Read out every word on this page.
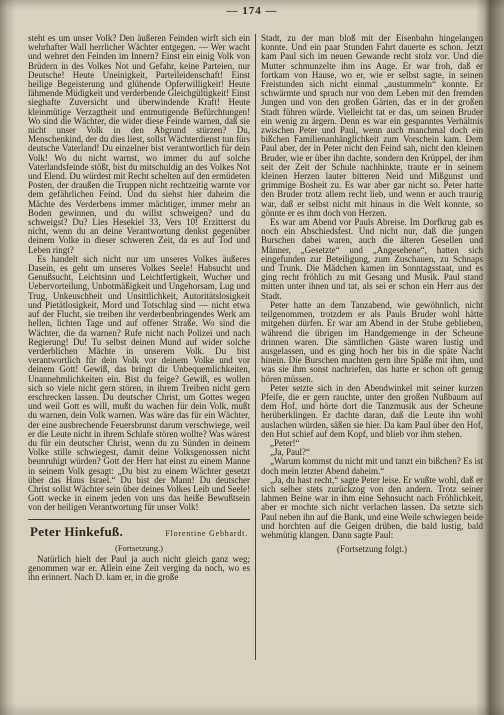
— 174 —

steht es um unser Volk? Den äußeren Feinden wirft sich ein wehrhafter Wall herrlicher Wächter entgegen. — Wer wacht und wehret den Feinden im Innern? Einst ein einig Volk von Brüdern in des Volkes Not und Gefahr, keine Parteien, nur Deutsche! Heute Uneinigkeit, Parteileidenschaft! Einst heilige Begeisterung und glühende Opferwilligkeit! Heute lähmende Müdigkeit und verderbende Gleichgültigkeit! Einst sieghafte Zuversicht und überwindende Kraft! Heute kleinmütige Verzagtheit und entmutigende Befürchtungen! Wo sind die Wächter, die wider diese Feinde warnen, daß sie nicht unser Volk in den Abgrund stürzen? Du, Menschenkind, der du dies liest, sollst Wächterdienst tun fürs deutsche Vaterland! Du einzelner bist verantwortlich für dein Volk! Wo du nicht warnst, wo immer du auf solche Vaterlandsfeinde stößt, bist du mitschuldig an des Volkes Not und Elend. Du würdest mit Recht schelten auf den ermüdeten Posten, der draußen die Truppen nicht rechtzeitig warnte vor dem gefährlichen Feind. Und du siehst hier daheim die Mächte des Verderbens immer mächtiger, immer mehr an Boden gewinnen, und du willst schweigen? und du schweigst? Du? Lies Hesekiel 33, Vers 10! Erzitterst du nicht, wenn du an deine Verantwortung denkst gegenüber deinem Volke in dieser schweren Zeit, da es auf Tod und Leben ringt?

Es handelt sich nicht nur um unseres Volkes äußeres Dasein, es geht um unseres Volkes Seele! Habsucht und Genußsucht, Leichtsinn und Leichtfertigkeit, Wucher und Uebervorteilung, Unbotmäßigkeit und Ungehorsam, Lug und Trug, Unkeuschheit und Unsittlichkeit, Autoritätslosigkeit und Pietätlosigkeit, Mord und Totschlag sind — nicht etwa auf der Flucht, sie treiben ihr verderbenbringendes Werk am hellen, lichten Tage und auf offener Straße. Wo sind die Wächter, die da warnen? Rufe nicht nach Polizei und nach Regierung! Du! Tu selbst deinen Mund auf wider solche verderblichen Mächte in unserem Volk. Du bist verantwortlich für dein Volk vor deinem Volke und vor deinem Gott! Gewiß, das bringt dir Unbequemlichkeiten, Unannehmlichkeiten ein. Bist du feige? Gewiß, es wollen sich so viele nicht gern stören, in ihrem Treiben nicht gern erschrecken lassen. Du deutscher Christ, um Gottes wegen und weil Gott es will, mußt du wachen für dein Volk, mußt du warnen, dein Volk warnen. Was wäre das für ein Wächter, der eine ausbrechende Feuersbrunst darum verschwiege, weil er die Leute nicht in ihrem Schlafe stören wollte? Was wärest du für ein deutscher Christ, wenn du zu Sünden in deinem Volke stille schwiegest, damit deine Volksgenossen nicht beunruhigt würden? Gott der Herr hat einst zu einem Manne in seinem Volk gesagt: „Du bist zu einem Wächter gesetzt über das Haus Israel.“ Du bist der Mann! Du deutscher Christ sollst Wächter sein über deines Volkes Leib und Seele! Gott wecke in einem jeden von uns das heiße Bewußtsein von der heiligen Verantwortung für unser Volk!

Peter Hinkefuß.	Florentine Gebhardt.
(Fortsetzung.)

Natürlich hielt der Paul ja auch nicht gleich ganz weg; genommen war er. Allein eine Zeit verging da noch, wo es ihn erinnert. Nach D. kam er, in die große

Stadt, zu der man bloß mit der Eisenbahn hingelangen konnte. Und ein paar Stunden Fahrt dauerte es schon. Jetzt kam Paul sich im neuen Gewande recht stolz vor. Und die Mutter schmunzelte ihm ins Auge. Er war froh, daß er fortkam von Hause, wo er, wie er selbst sagte, in seinen Freistunden sich nicht einmal „austummeln“ konnte. Er schwärmte und sprach nur von dem Leben mit den fremden Jungen und von den großen Gärten, das er in der großen Stadt führen würde. Vielleicht tat er das, um seinen Bruder ein wenig zu ärgern. Denn es war ein gespanntes Verhältnis zwischen Peter und Paul, wenn auch manchmal doch ein bißchen Familienanhänglichkeit zum Vorschein kam. Dem Paul aber, der in Peter nicht den Feind sah, nicht den kleinen Bruder, wie er über ihn dachte, sondern den Krüppel, der ihm seit der Zeit der Schule nachhinkte, traute er in seinem kleinen Herzen lauter bitteren Neid und Mißgunst und grimmige Bosheit zu. Es war aber gar nicht so. Peter hatte den Bruder trotz allem recht lieb, und wenn er auch traurig war, daß er selbst nicht mit hinaus in die Welt konnte, so gönnte er es ihm doch von Herzen.

Es war am Abend vor Pauls Abreise. Im Dorfkrug gab es noch ein Abschiedsfest. Und nicht nur, daß die jungen Burschen dabei waren, auch die älteren Gesellen und Männer, „Gesetzte“ und „Angesehene“, hatten sich eingefunden zur Beteiligung, zum Zuschauen, zu Schnaps und Trunk. Die Mädchen kamen im Sonntagsstaat, und es ging recht fröhlich zu mit Gesang und Musik. Paul stand mitten unter ihnen und tat, als sei er schon ein Herr aus der Stadt.

Peter hatte an dem Tanzabend, wie gewöhnlich, nicht teilgenommen, trotzdem er als Pauls Bruder wohl hätte mitgehen dürfen. Er war am Abend in der Stube geblieben, während die übrigen im Handgemenge in der Scheune drinnen waren. Die sämtlichen Gäste waren lustig und ausgelassen, und es ging hoch her bis in die späte Nacht hinein. Die Burschen machten gern ihre Späße mit ihm, und was sie ihm sonst nachriefen, das hatte er schon oft genug hören müssen.

Peter setzte sich in den Abendwinkel mit seiner kurzen Pfeife, die er gern rauchte, unter den großen Nußbaum auf dem Hof, und hörte dort die Tanzmusik aus der Scheune herüberklingen. Er dachte daran, daß die Leute ihn wohl auslachen würden, säßen sie hier. Da kam Paul über den Hof, den Hut schief auf dem Kopf, und blieb vor ihm stehen.

„Peter!“

„Ja, Paul?“

„Warum kommst du nicht mit und tanzt ein bißchen? Es ist doch mein letzter Abend daheim.“

„Ja, du hast recht,“ sagte Peter leise. Er wußte wohl, daß er sich selber stets zurückzog von den andern. Trotz seiner lahmen Beine war in ihm eine Sehnsucht nach Fröhlichkeit, aber er mochte sich nicht verlachen lassen. Da setzte sich Paul neben ihn auf die Bank, und eine Weile schwiegen beide und horchten auf die Geigen drüben, die bald lustig, bald wehmütig klangen. Dann sagte Paul:

(Fortsetzung folgt.)
